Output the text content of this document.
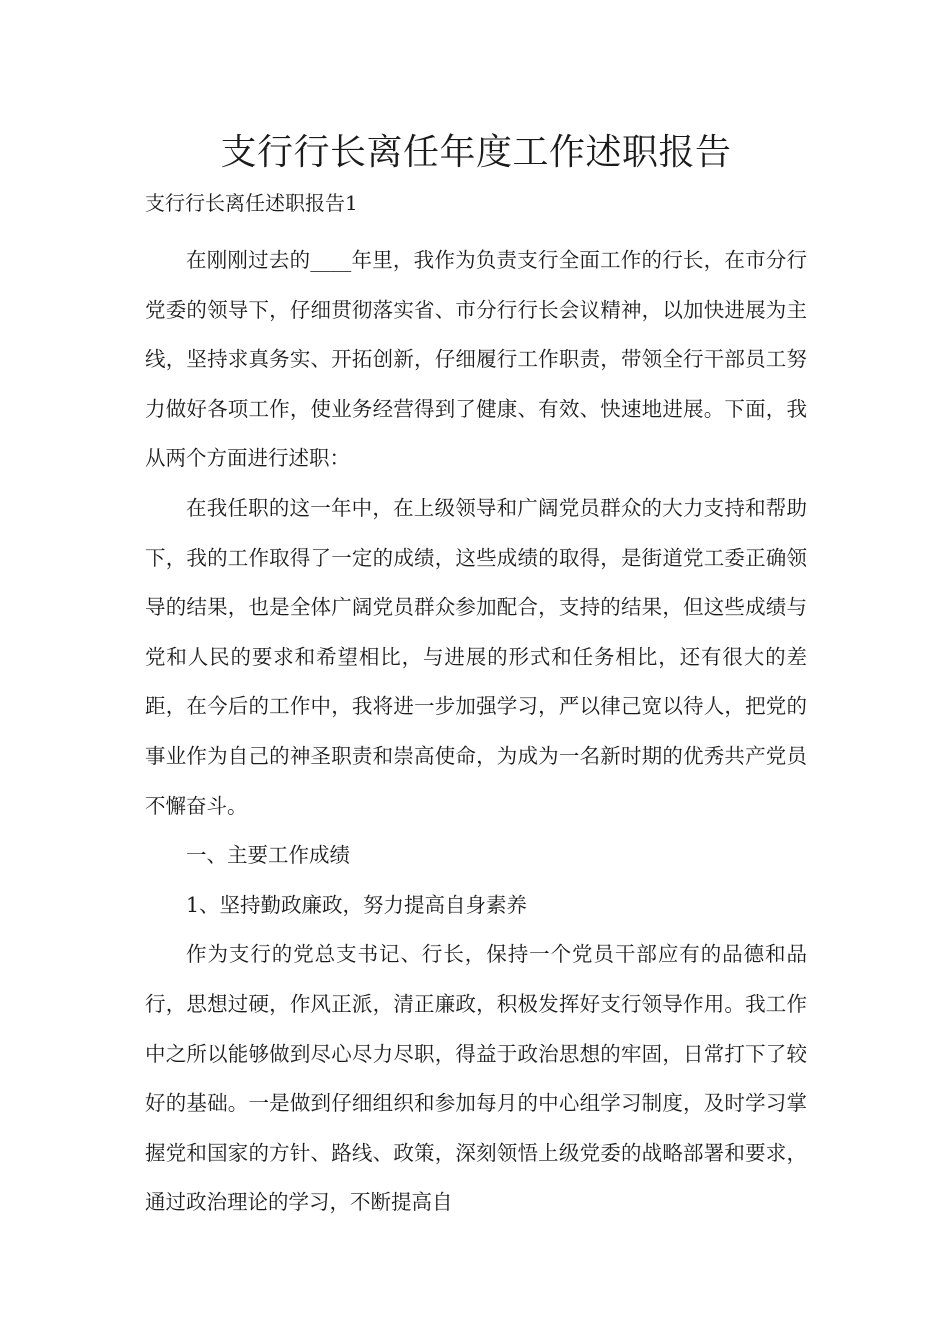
支行行长离任年度工作述职报告
支行行长离任述职报告1

在刚刚过去的____年里，我作为负责支行全面工作的行长，在市分行党委的领导下，仔细贯彻落实省、市分行行长会议精神，以加快进展为主线，坚持求真务实、开拓创新，仔细履行工作职责，带领全行干部员工努力做好各项工作，使业务经营得到了健康、有效、快速地进展。下面，我从两个方面进行述职：

在我任职的这一年中，在上级领导和广阔党员群众的大力支持和帮助下，我的工作取得了一定的成绩，这些成绩的取得，是街道党工委正确领导的结果，也是全体广阔党员群众参加配合，支持的结果，但这些成绩与党和人民的要求和希望相比，与进展的形式和任务相比，还有很大的差距，在今后的工作中，我将进一步加强学习，严以律己宽以待人，把党的事业作为自己的神圣职责和崇高使命，为成为一名新时期的优秀共产党员不懈奋斗。

一、主要工作成绩

1、坚持勤政廉政，努力提高自身素养

作为支行的党总支书记、行长，保持一个党员干部应有的品德和品行，思想过硬，作风正派，清正廉政，积极发挥好支行领导作用。我工作中之所以能够做到尽心尽力尽职，得益于政治思想的牢固，日常打下了较好的基础。一是做到仔细组织和参加每月的中心组学习制度，及时学习掌握党和国家的方针、路线、政策，深刻领悟上级党委的战略部署和要求，通过政治理论的学习，不断提高自
